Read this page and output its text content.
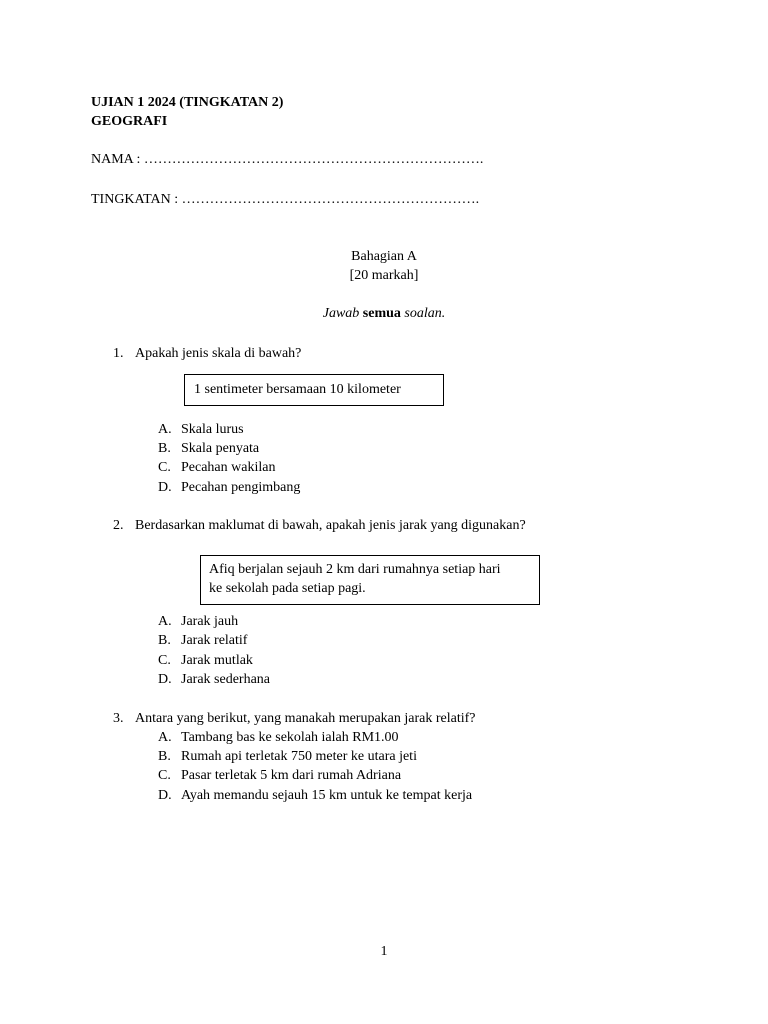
UJIAN 1 2024 (TINGKATAN 2)
GEOGRAFI
NAMA : ……………………………………………………………….
TINGKATAN : ……………………………………………………….
Bahagian A
[20 markah]
Jawab semua soalan.
1. Apakah jenis skala di bawah?
1 sentimeter bersamaan 10 kilometer
A. Skala lurus
B. Skala penyata
C. Pecahan wakilan
D. Pecahan pengimbang
2. Berdasarkan maklumat di bawah, apakah jenis jarak yang digunakan?
Afiq berjalan sejauh 2 km dari rumahnya setiap hari
ke sekolah pada setiap pagi.
A. Jarak jauh
B. Jarak relatif
C. Jarak mutlak
D. Jarak sederhana
3. Antara yang berikut, yang manakah merupakan jarak relatif?
A. Tambang bas ke sekolah ialah RM1.00
B. Rumah api terletak 750 meter ke utara jeti
C. Pasar terletak 5 km dari rumah Adriana
D. Ayah memandu sejauh 15 km untuk ke tempat kerja
1
